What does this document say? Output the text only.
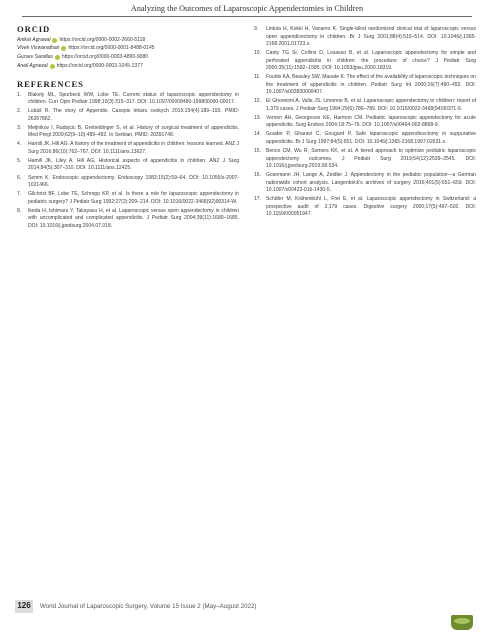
Analyzing the Outcomes of Laparoscopic Appendectomies in Children
ORCID
Aniket Agrawal https://orcid.org/0000-0002-2660-5118
Vivek Viswanathan https://orcid.org/0000-0001-8488-0145
Gursev Sandlas https://orcid.org/0000-0003-4890-9080
Anail Agrawal https://orcid.org/0000-0003-1045-1377
REFERENCES
1.	Blakely ML, Spurbeck WW, Lobe TE. Current status of laparoscopic appendectomy in children. Curr Opin Pediatr 1998;10(3):315–317. DOI: 10.1097/00008480-199806000-00017.
2.	Lukáš R. The story of Appendix. Casopis lekaru ceskych 2015;154(4):189–193. PMID: 26357862.
3.	Meljnikov I, Radojcic B, Grebeldinger S, et al. History of surgical treatment of appendicitis. Med Pregl 2009;62(9–10):489–492. In Serbian. PMID: 20391748.
4.	Hamill JK, Hill AG. A history of the treatment of appendicitis in children: lessons learned. ANZ J Surg 2016;86(10):762–767. DOI: 10.1111/ans.13627.
5.	Hamill JK, Liley A, Hill AG. Historical aspects of appendicitis in children. ANZ J Surg 2014;84(5):307–310. DOI: 10.1111/ans.12425.
6.	Semm K. Endoscopic appendectomy. Endoscopy 1983;15(2):59–64. DOI: 10.1055/s-2007-1021466.
7.	Gilchrist BF, Lobe TE, Schropp KP, et al. Is there a role for laparoscopic appendectomy in pediatric surgery? J Pediatr Surg 1992;27(2):209–214. DOI: 10.1016/0022-3468(92)90314-W.
8.	Ikeda H, Ishimaru Y, Takayasu H, et al. Laparoscopic versus open appendectomy in children with uncomplicated and complicated appendicitis. J Pediatr Surg 2004;39(11):1680–1685. DOI: 10.1016/j.jpedsurg.2004.07.018.
9.	Lintula H, Kokki H, Vanamo K. Single-blind randomized clinical trial of laparoscopic versus open appendicectomy in children. Br J Surg 2001;88(4):510–514. DOI: 10.1046/j.1365-2168.2001.01723.x.
10. Canty TG Sr, Collins D, Losasso B, et al. Laparoscopic appendectomy for simple and perforated appendicitis in children: the procedure of choice? J Pediatr Surg 2000;35(11):1582–1585. DOI: 10.1053/jpsu.2000.18319.
11.	Foulds KA, Beasley SW, Maoate K. The effect of the availability of laparoscopic techniques on the treatment of appendicitis in children. Pediatr Surg Int 2000;16(7):490–492. DOI: 10.1007/s003830000407.
12. El Ghoneimi A, Valla JS, Limonne B, et al. Laparoscopic appendectomy in children: report of 1,379 cases. J Pediatr Surg 1994;29(6):786–789. DOI: 10.1016/0022-3468(94)90371-9.
13. Vernon AH, Georgeson KE, Harmon CM. Pediatric laparoscopic appendectomy for acute appendicitis. Surg Endosc 2004;18:75–79. DOI: 10.1007/s00464-002-8868-9.
14. Gouder P, Gharavi C, Gougard P. Safe laparoscopic appendicectomy in suppurative appendicitis. Br J Surg 1997;84(5):651. DOI: 10.1046/j.1365-2168.1997.02631.x.
15. Benco CM, Wu R, Somers KK, et al. A tiered approach to optimize pediatric laparoscopic appendectomy outcomes. J Pediatr Surg 2019;54(12):2539–2545. DOI: 10.1016/j.jpedsurg.2019.08.034.
16. Gosemann JH, Lange A, Zeidler J. Appendectomy in the pediatric population—a German nationwide cohort analysis. Langenbeck's archives of surgery 2016;401(5):651–659. DOI: 10.1007/s00423-016-1430-5.
17. Schäfer M, Krähenbühl L, Frei E, et al. Laparoscopic appendectomy in Switzerland: a prospective audit of 2,179 cases. Digestive surgery 2000;17(5):497–502. DOI: 10.1159/000051947.
126	World Journal of Laparoscopic Surgery, Volume 15 Issue 2 (May–August 2022)
